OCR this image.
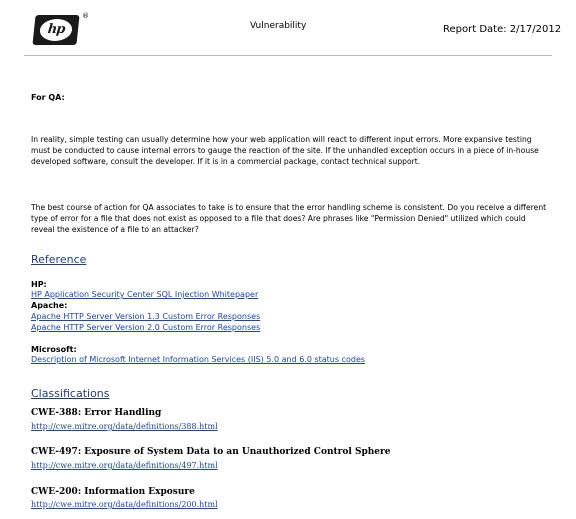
hp
®
Vulnerability	Report Date: 2/17/2012
For QA:
In reality, simple testing can usually determine how your web application will react to different input errors. More expansive testing must be conducted to cause internal errors to gauge the reaction of the site. If the unhandled exception occurs in a piece of in-house developed software, consult the developer. If it is in a commercial package, contact technical support.
The best course of action for QA associates to take is to ensure that the error handling scheme is consistent. Do you receive a different type of error for a file that does not exist as opposed to a file that does? Are phrases like "Permission Denied" utilized which could reveal the existence of a file to an attacker?
Reference
HP:
HP Application Security Center SQL Injection Whitepaper
Apache:
Apache HTTP Server Version 1.3 Custom Error Responses
Apache HTTP Server Version 2.0 Custom Error Responses
Microsoft:
Description of Microsoft Internet Information Services (IIS) 5.0 and 6.0 status codes
Classifications
CWE-388: Error Handling
http://cwe.mitre.org/data/definitions/388.html
CWE-497: Exposure of System Data to an Unauthorized Control Sphere
http://cwe.mitre.org/data/definitions/497.html
CWE-200: Information Exposure
http://cwe.mitre.org/data/definitions/200.html
